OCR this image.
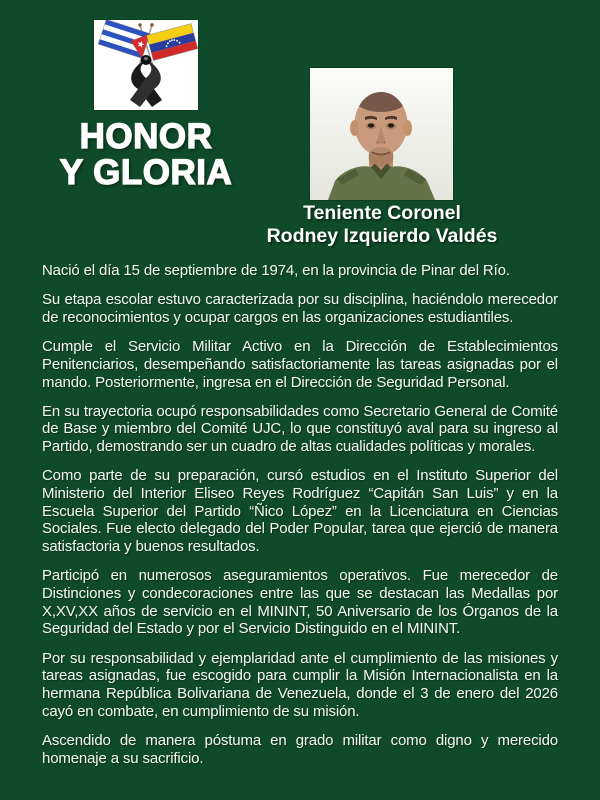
HONOR
Y GLORIA
Teniente Coronel
Rodney Izquierdo Valdés

Nació el día 15 de septiembre de 1974, en la provincia de Pinar del Río.

Su etapa escolar estuvo caracterizada por su disciplina, haciéndolo merecedor de reconocimientos y ocupar cargos en las organizaciones estudiantiles.

Cumple el Servicio Militar Activo en la Dirección de Establecimientos Penitenciarios, desempeñando satisfactoriamente las tareas asignadas por el mando. Posteriormente, ingresa en el Dirección de Seguridad Personal.

En su trayectoria ocupó responsabilidades como Secretario General de Comité de Base y miembro del Comité UJC, lo que constituyó aval para su ingreso al Partido, demostrando ser un cuadro de altas cualidades políticas y morales.

Como parte de su preparación, cursó estudios en el Instituto Superior del Ministerio del Interior Eliseo Reyes Rodríguez “Capitán San Luis” y en la Escuela Superior del Partido “Ñico López” en la Licenciatura en Ciencias Sociales. Fue electo delegado del Poder Popular, tarea que ejerció de manera satisfactoria y buenos resultados.

Participó en numerosos aseguramientos operativos. Fue merecedor de Distinciones y condecoraciones entre las que se destacan las Medallas por X,XV,XX años de servicio en el MININT, 50 Aniversario de los Órganos de la Seguridad del Estado y por el Servicio Distinguido en el MININT.

Por su responsabilidad y ejemplaridad ante el cumplimiento de las misiones y tareas asignadas, fue escogido para cumplir la Misión Internacionalista en la hermana República Bolivariana de Venezuela, donde el 3 de enero del 2026 cayó en combate, en cumplimiento de su misión.

Ascendido de manera póstuma en grado militar como digno y merecido homenaje a su sacrificio.
